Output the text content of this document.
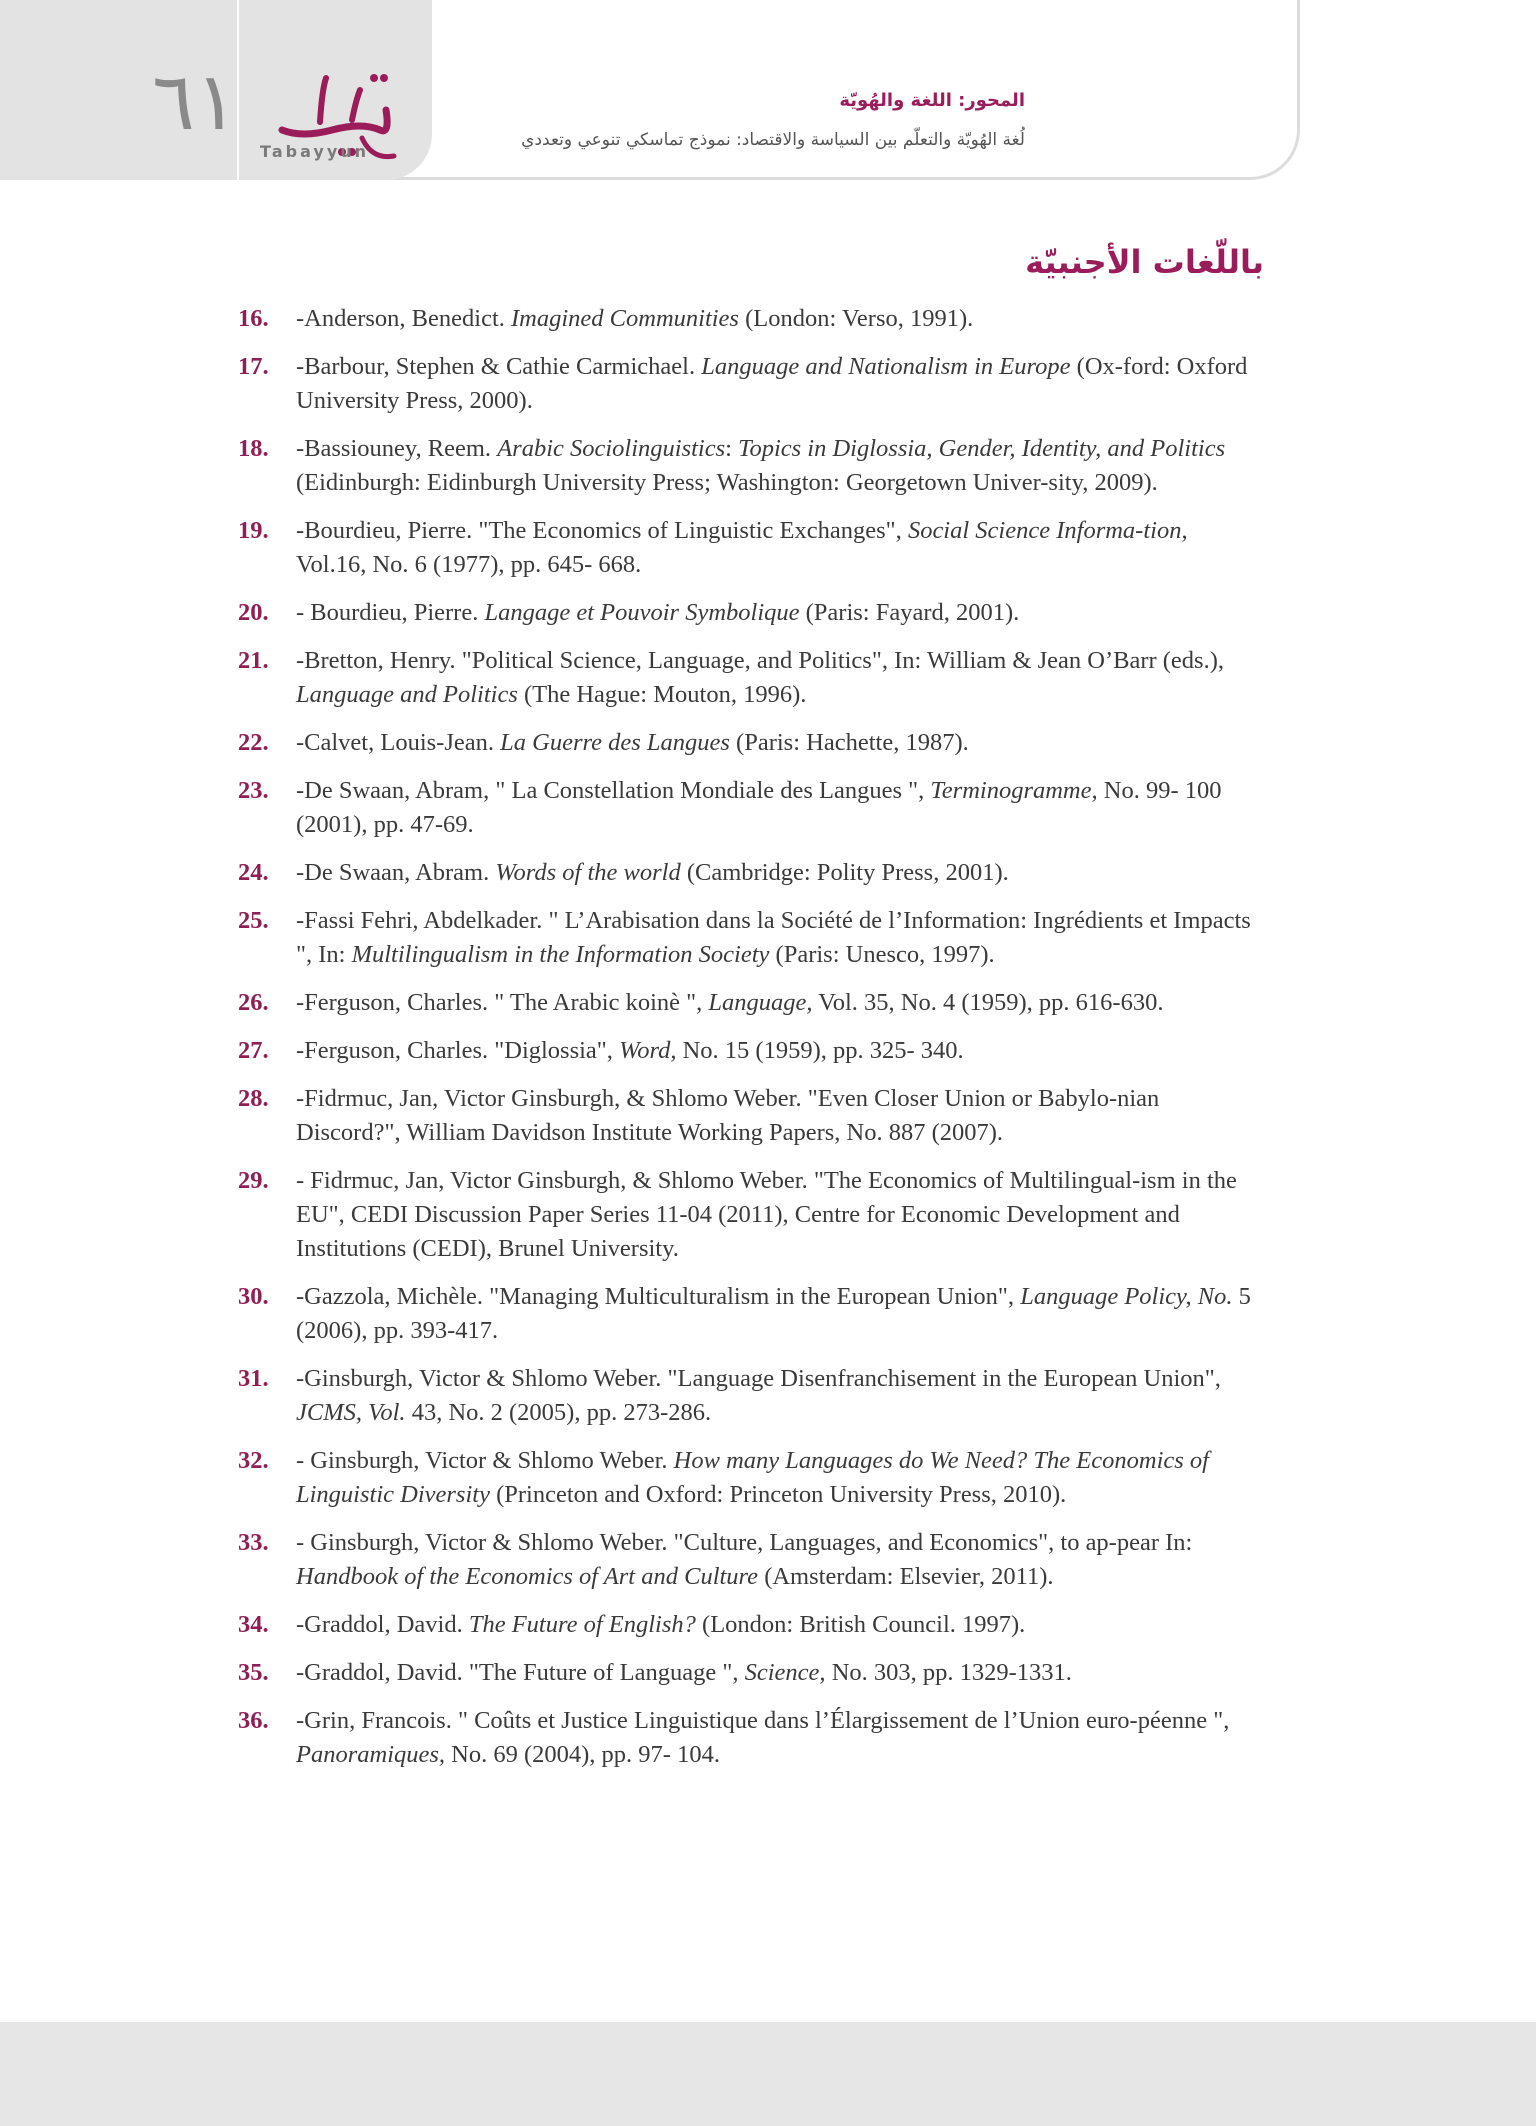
٦١
Tabayyun
المحور: اللغة والهُويّة
لُغة الهُويّة والتعلّم بين السياسة والاقتصاد: نموذج تماسكي تنوعي وتعددي
باللّغات الأجنبيّة
16.	-Anderson, Benedict. Imagined Communities (London: Verso, 1991).
17.	-Barbour, Stephen & Cathie Carmichael. Language and Nationalism in Europe (Ox-ford: Oxford University Press, 2000).
18.	-Bassiouney, Reem. Arabic Sociolinguistics: Topics in Diglossia, Gender, Identity, and Politics (Eidinburgh: Eidinburgh University Press; Washington: Georgetown Univer-sity, 2009).
19.	-Bourdieu, Pierre. "The Economics of Linguistic Exchanges", Social Science Informa-tion, Vol.16, No. 6 (1977), pp. 645- 668.
20.	- Bourdieu, Pierre. Langage et Pouvoir Symbolique (Paris: Fayard, 2001).
21.	-Bretton, Henry. "Political Science, Language, and Politics", In: William & Jean O’Barr (eds.), Language and Politics (The Hague: Mouton, 1996).
22.	-Calvet, Louis-Jean. La Guerre des Langues (Paris: Hachette, 1987).
23.	-De Swaan, Abram, " La Constellation Mondiale des Langues ", Terminogramme, No. 99- 100 (2001), pp. 47-69.
24.	-De Swaan, Abram. Words of the world (Cambridge: Polity Press, 2001).
25.	-Fassi Fehri, Abdelkader. " L’Arabisation dans la Société de l’Information: Ingrédients et Impacts ", In: Multilingualism in the Information Society (Paris: Unesco, 1997).
26.	-Ferguson, Charles. " The Arabic koinè ", Language, Vol. 35, No. 4 (1959), pp. 616-630.
27.	-Ferguson, Charles. "Diglossia", Word, No. 15 (1959), pp. 325- 340.
28.	-Fidrmuc, Jan, Victor Ginsburgh, & Shlomo Weber. "Even Closer Union or Babylo-nian Discord?", William Davidson Institute Working Papers, No. 887 (2007).
29.	- Fidrmuc, Jan, Victor Ginsburgh, & Shlomo Weber. "The Economics of Multilingual-ism in the EU", CEDI Discussion Paper Series 11-04 (2011), Centre for Economic Development and Institutions (CEDI), Brunel University.
30.	-Gazzola, Michèle. "Managing Multiculturalism in the European Union", Language Policy, No. 5 (2006), pp. 393-417.
31.	-Ginsburgh, Victor & Shlomo Weber. "Language Disenfranchisement in the European Union", JCMS, Vol. 43, No. 2 (2005), pp. 273-286.
32.	- Ginsburgh, Victor & Shlomo Weber. How many Languages do We Need? The Economics of Linguistic Diversity (Princeton and Oxford: Princeton University Press, 2010).
33.	- Ginsburgh, Victor & Shlomo Weber. "Culture, Languages, and Economics", to ap-pear In: Handbook of the Economics of Art and Culture (Amsterdam: Elsevier, 2011).
34.	-Graddol, David. The Future of English? (London: British Council. 1997).
35.	-Graddol, David. "The Future of Language ", Science, No. 303, pp. 1329-1331.
36.	-Grin, Francois. " Coûts et Justice Linguistique dans l’Élargissement de l’Union euro-péenne ", Panoramiques, No. 69 (2004), pp. 97- 104.
